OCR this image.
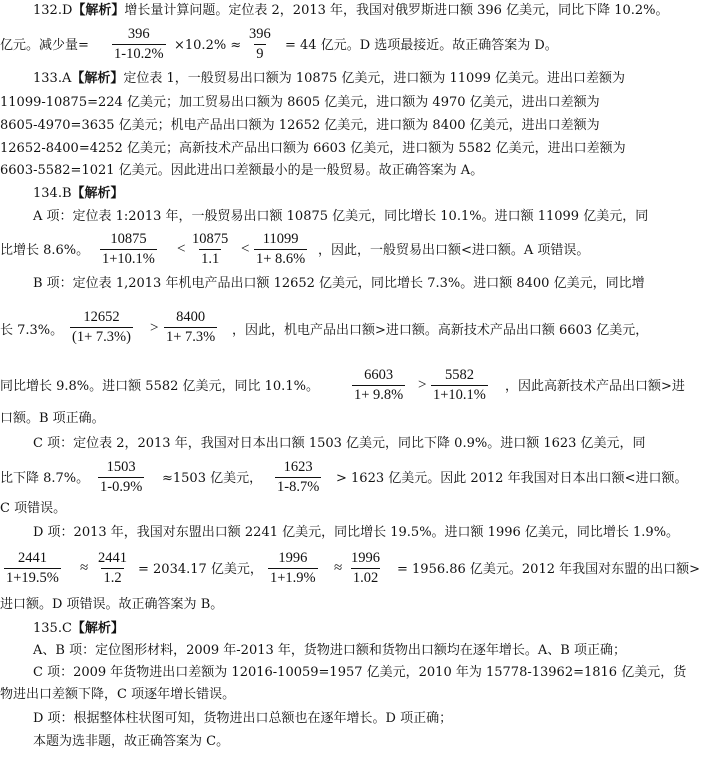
132.D【解析】增长量计算问题。定位表 2，2013 年，我国对俄罗斯进口额 396 亿美元，同比下降 10.2%。
亿元。减少量=
396
1-10.2%
×10.2% ≈
396
9
= 44 亿元。D 选项最接近。故正确答案为 D。
133.A【解析】定位表 1，一般贸易出口额为 10875 亿美元，进口额为 11099 亿美元。进出口差额为
11099-10875=224 亿美元；加工贸易出口额为 8605 亿美元，进口额为 4970 亿美元，进出口差额为
8605-4970=3635 亿美元；机电产品出口额为 12652 亿美元，进口额为 8400 亿美元，进出口差额为
12652-8400=4252 亿美元；高新技术产品出口额为 6603 亿美元，进口额为 5582 亿美元，进出口差额为
6603-5582=1021 亿美元。因此进出口差额最小的是一般贸易。故正确答案为 A。
134.B【解析】
A 项：定位表 1:2013 年，一般贸易出口额 10875 亿美元，同比增长 10.1%。进口额 11099 亿美元，同
比增长 8.6%。
10875
1+10.1%
<
10875
1.1
<
11099
1+ 8.6%
，因此，一般贸易出口额<进口额。A 项错误。
B 项：定位表 1,2013 年机电产品出口额 12652 亿美元，同比增长 7.3%。进口额 8400 亿美元，同比增
长 7.3%。
12652
(1+ 7.3%)
>
8400
1+ 7.3% ，因此，机电产品出口额>进口额。高新技术产品出口额 6603 亿美元，
同比增长 9.8%。进口额 5582 亿美元，同比 10.1%。
6603
1+ 9.8%
>
5582
1+10.1%
，因此高新技术产品出口额>进
口额。B 项正确。
C 项：定位表 2，2013 年，我国对日本出口额 1503 亿美元，同比下降 0.9%。进口额 1623 亿美元，同
比下降 8.7%。
1503
1-0.9%
≈1503 亿美元，
1623
1-8.7%
> 1623 亿美元。因此 2012 年我国对日本出口额<进口额。
C 项错误。
D 项：2013 年，我国对东盟出口额 2241 亿美元，同比增长 19.5%。进口额 1996 亿美元，同比增长 1.9%。
2441
1+19.5%
≈
2441
1.2
= 2034.17 亿美元，
1996
1+1.9%
≈
1996
1.02
= 1956.86 亿美元。2012 年我国对东盟的出口额>
进口额。D 项错误。故正确答案为 B。
135.C【解析】
A、B 项：定位图形材料，2009 年-2013 年，货物进口额和货物出口额均在逐年增长。A、B 项正确；
C 项：2009 年货物进出口差额为 12016-10059=1957 亿美元，2010 年为 15778-13962=1816 亿美元，货
物进出口差额下降，C 项逐年增长错误。
D 项：根据整体柱状图可知，货物进出口总额也在逐年增长。D 项正确；
本题为选非题，故正确答案为 C。
